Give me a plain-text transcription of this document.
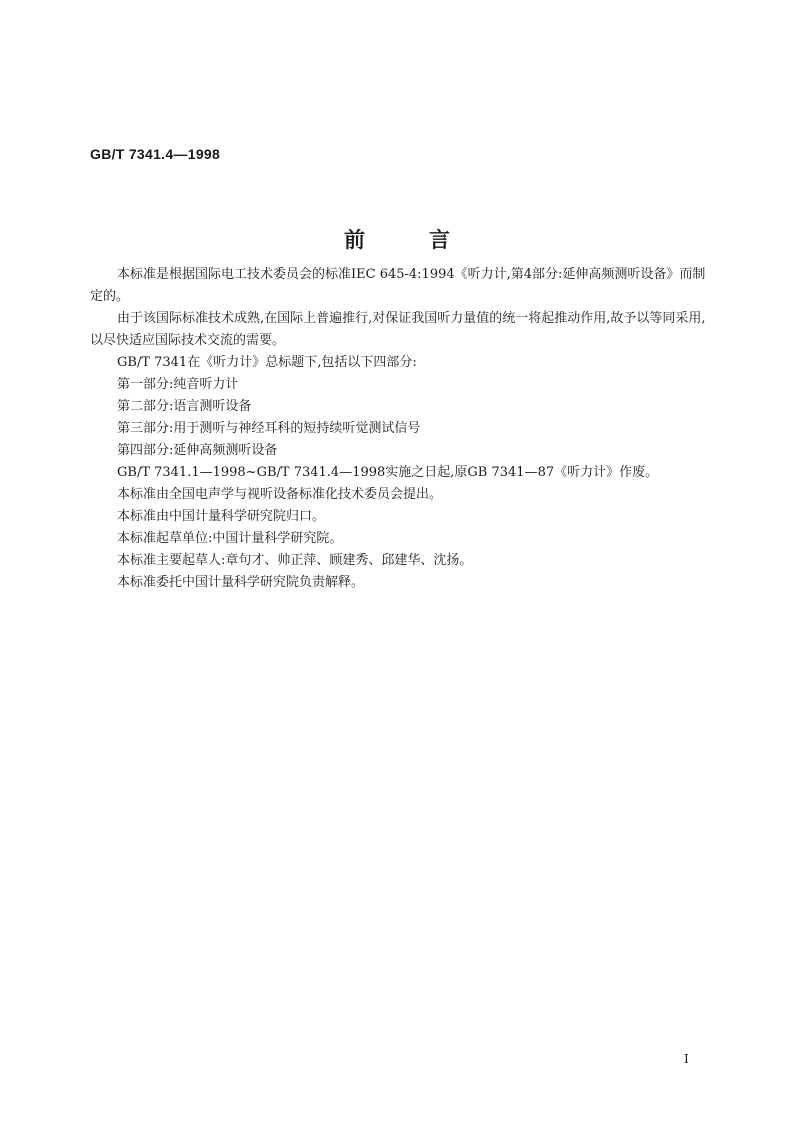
GB/T 7341.4—1998
前言

本标准是根据国际电工技术委员会的标准IEC 645-4:1994《听力计,第4部分:延伸高频测听设备》而制定的。

由于该国际标准技术成熟,在国际上普遍推行,对保证我国听力量值的统一将起推动作用,故予以等同采用,以尽快适应国际技术交流的需要。

GB/T 7341在《听力计》总标题下,包括以下四部分:

第一部分:纯音听力计

第二部分:语言测听设备

第三部分:用于测听与神经耳科的短持续听觉测试信号

第四部分:延伸高频测听设备

GB/T 7341.1—1998~GB/T 7341.4—1998实施之日起,原GB 7341—87《听力计》作废。

本标准由全国电声学与视听设备标准化技术委员会提出。

本标准由中国计量科学研究院归口。

本标准起草单位:中国计量科学研究院。

本标准主要起草人:章句才、帅正萍、顾建秀、邱建华、沈扬。

本标准委托中国计量科学研究院负责解释。

I
